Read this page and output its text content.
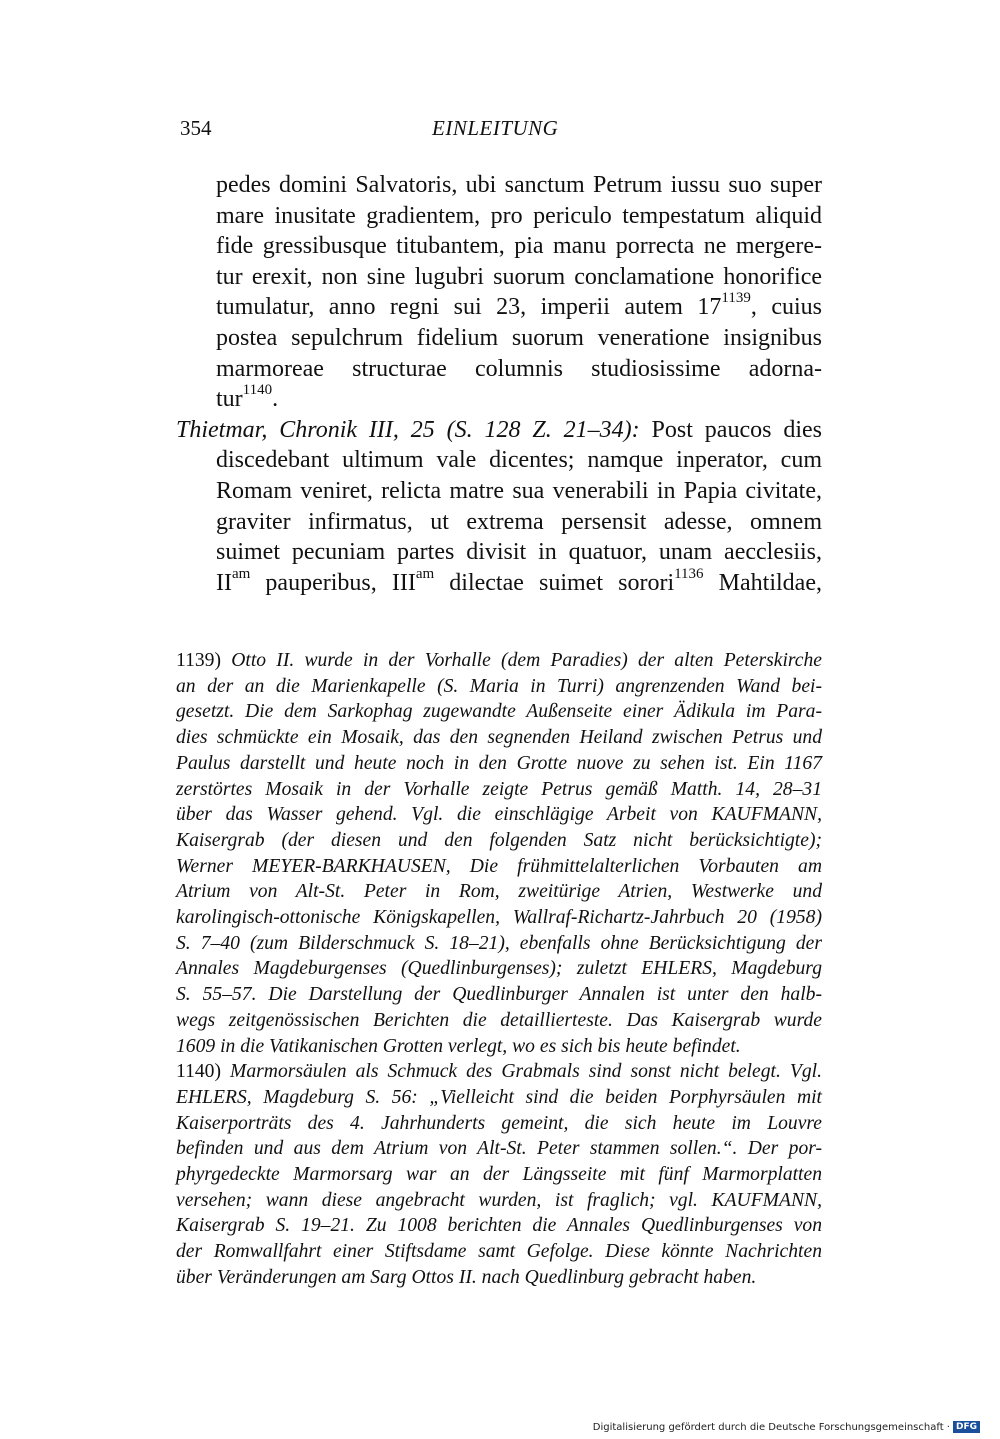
354	EINLEITUNG
pedes domini Salvatoris, ubi sanctum Petrum iussu suo super
mare inusitate gradientem, pro periculo tempestatum aliquid
fide gressibusque titubantem, pia manu porrecta ne mergere-
tur erexit, non sine lugubri suorum conclamatione honorifice
tumulatur, anno regni sui 23, imperii autem $17^{1139}$, cuius
postea sepulchrum fidelium suorum veneratione insignibus
marmoreae structurae columnis studiosissime adorna-
tur$^{1140}$.
Thietmar, Chronik III, 25 (S. 128 Z. 21–34): Post paucos dies
discedebant ultimum vale dicentes; namque inperator, cum
Romam veniret, relicta matre sua venerabili in Papia civitate,
graviter infirmatus, ut extrema persensit adesse, omnem
suimet pecuniam partes divisit in quatuor, unam aecclesiis,
$II^{am}$ pauperibus, $III^{am}$ dilectae suimet sorori$^{1136}$ Mahtildae,
1139) Otto II. wurde in der Vorhalle (dem Paradies) der alten Peterskirche
an der an die Marienkapelle (S. Maria in Turri) angrenzenden Wand bei-
gesetzt. Die dem Sarkophag zugewandte Außenseite einer Ädikula im Para-
dies schmückte ein Mosaik, das den segnenden Heiland zwischen Petrus und
Paulus darstellt und heute noch in den Grotte nuove zu sehen ist. Ein 1167
zerstörtes Mosaik in der Vorhalle zeigte Petrus gemäß Matth. 14, 28–31
über das Wasser gehend. Vgl. die einschlägige Arbeit von KAUFMANN,
Kaisergrab (der diesen und den folgenden Satz nicht berücksichtigte);
Werner MEYER-BARKHAUSEN, Die frühmittelalterlichen Vorbauten am
Atrium von Alt-St. Peter in Rom, zweitürige Atrien, Westwerke und
karolingisch-ottonische Königskapellen, Wallraf-Richartz-Jahrbuch 20 (1958)
S. 7–40 (zum Bilderschmuck S. 18–21), ebenfalls ohne Berücksichtigung der
Annales Magdeburgenses (Quedlinburgenses); zuletzt EHLERS, Magdeburg
S. 55–57. Die Darstellung der Quedlinburger Annalen ist unter den halb-
wegs zeitgenössischen Berichten die detaillierteste. Das Kaisergrab wurde
1609 in die Vatikanischen Grotten verlegt, wo es sich bis heute befindet.
1140) Marmorsäulen als Schmuck des Grabmals sind sonst nicht belegt. Vgl.
EHLERS, Magdeburg S. 56: „Vielleicht sind die beiden Porphyrsäulen mit
Kaiserporträts des 4. Jahrhunderts gemeint, die sich heute im Louvre
befinden und aus dem Atrium von Alt-St. Peter stammen sollen.“. Der por-
phyrgedeckte Marmorsarg war an der Längsseite mit fünf Marmorplatten
versehen; wann diese angebracht wurden, ist fraglich; vgl. KAUFMANN,
Kaisergrab S. 19–21. Zu 1008 berichten die Annales Quedlinburgenses von
der Romwallfahrt einer Stiftsdame samt Gefolge. Diese könnte Nachrichten
über Veränderungen am Sarg Ottos II. nach Quedlinburg gebracht haben.
Digitalisierung gefördert durch die Deutsche Forschungsgemeinschaft · DFG
